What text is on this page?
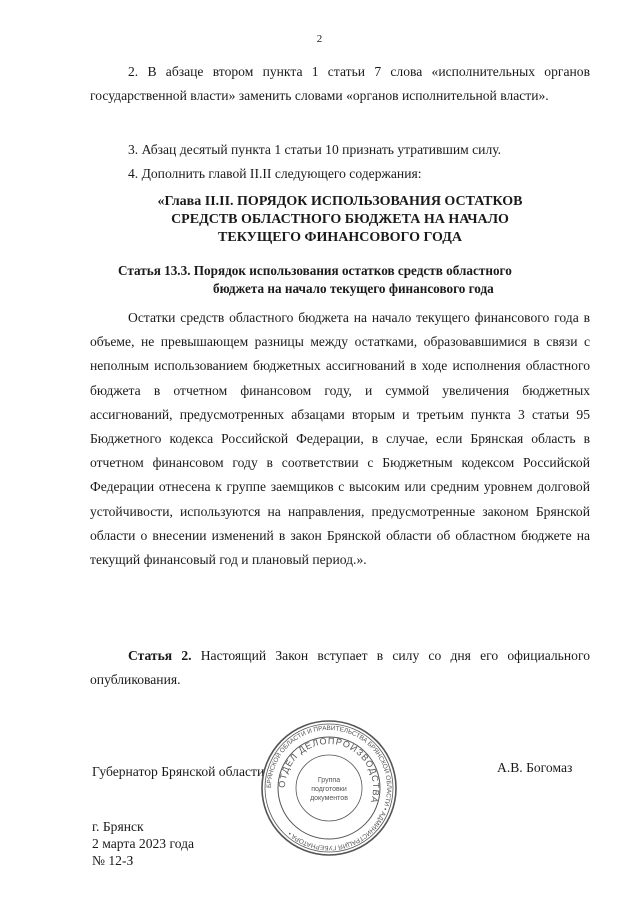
2

2. В абзаце втором пункта 1 статьи 7 слова «исполнительных органов государственной власти» заменить словами «органов исполнительной власти».

3. Абзац десятый пункта 1 статьи 10 признать утратившим силу.

4. Дополнить главой II.II следующего содержания:

«Глава II.II. ПОРЯДОК ИСПОЛЬЗОВАНИЯ ОСТАТКОВ
СРЕДСТВ ОБЛАСТНОГО БЮДЖЕТА НА НАЧАЛО
ТЕКУЩЕГО ФИНАНСОВОГО ГОДА
Статья 13.3. Порядок использования остатков средств областного
бюджета на начало текущего финансового года

Остатки средств областного бюджета на начало текущего финансового года в объеме, не превышающем разницы между остатками, образовавшимися в связи с неполным использованием бюджетных ассигнований в ходе исполнения областного бюджета в отчетном финансовом году, и суммой увеличения бюджетных ассигнований, предусмотренных абзацами вторым и третьим пункта 3 статьи 95 Бюджетного кодекса Российской Федерации, в случае, если Брянская область в отчетном финансовом году в соответствии с Бюджетным кодексом Российской Федерации отнесена к группе заемщиков с высоким или средним уровнем долговой устойчивости, используются на направления, предусмотренные законом Брянской области о внесении изменений в закон Брянской области об областном бюджете на текущий финансовый год и плановый период.».

Статья 2. Настоящий Закон вступает в силу со дня его официального опубликования.

Губернатор Брянской области	А.В. Богомаз
БРЯНСКОЙ ОБЛАСТИ И ПРАВИТЕЛЬСТВА БРЯНСКОЙ ОБЛАСТИ • АДМИНИСТРАЦИЯ ГУБЕРНАТОРА •
ОТДЕЛ ДЕЛОПРОИЗВОДСТВА
Группа
подготовки
документов
г. Брянск
2 марта 2023 года
№ 12-З
